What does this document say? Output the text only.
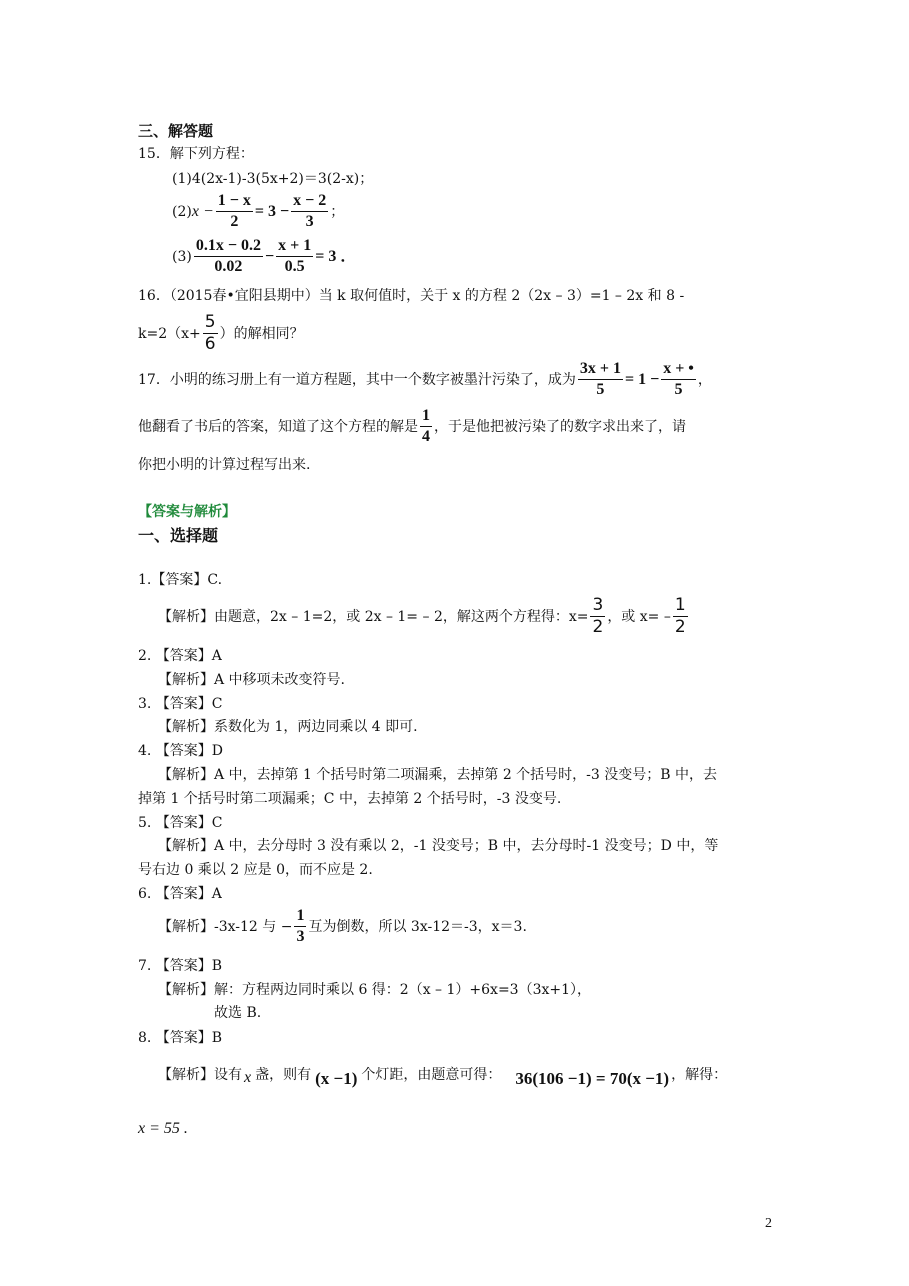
三、解答题
15．解下列方程：
(1)4(2x-1)-3(5x+2)＝3(2-x)；
(2) $x - \frac{1 - x}{2} = 3 - \frac{x - 2}{3}$ ；
$(3) \frac{0.1x - 0.2}{0.02} - \frac{x + 1}{0.5} = 3$ ．
16．（2015春•宜阳县期中）当 k 取何值时，关于 x 的方程 2（2x – 3）=1 – 2x 和 8 -
$k=2(x+ \frac{5}{6}$ ）的解相同？
17．小明的练习册上有一道方程题，其中一个数字被墨汁污染了，成为 $\frac{3x + 1}{5} = 1 - \frac{x + •}{5}$ ，
他翻看了书后的答案，知道了这个方程的解是 $\frac{1}{4}$ ，于是他把被污染了的数字求出来了，请
你把小明的计算过程写出来.
【答案与解析】
一、选择题
1.【答案】C.
【解析】由题意，2x – 1=2，或 2x – 1= – 2，解这两个方程得：$x= \frac{3}{2}$ ，或 $x= - \frac{1}{2}$
2. 【答案】A
【解析】A 中移项未改变符号.
3. 【答案】C
【解析】系数化为 1，两边同乘以 4 即可.
4. 【答案】D
【解析】A 中，去掉第 1 个括号时第二项漏乘，去掉第 2 个括号时，-3 没变号；B 中，去
掉第 1 个括号时第二项漏乘；C 中，去掉第 2 个括号时，-3 没变号.
5. 【答案】C
【解析】A 中，去分母时 3 没有乘以 2，-1 没变号；B 中，去分母时-1 没变号；D 中，等
号右边 0 乘以 2 应是 0，而不应是 2.
6. 【答案】A
【解析】-3x-12 与 − $\frac{1}{3}$ 互为倒数，所以 3x-12＝-3，x＝3.
7. 【答案】B
【解析】解：方程两边同时乘以 6 得：2（x – 1）+6x=3（3x+1），
故选 B.
8. 【答案】B
【解析】设有 x 盏，则有 (x −1) 个灯距，由题意可得： 36(106 −1) = 70(x −1) ，解得：
x = 55 .
2
